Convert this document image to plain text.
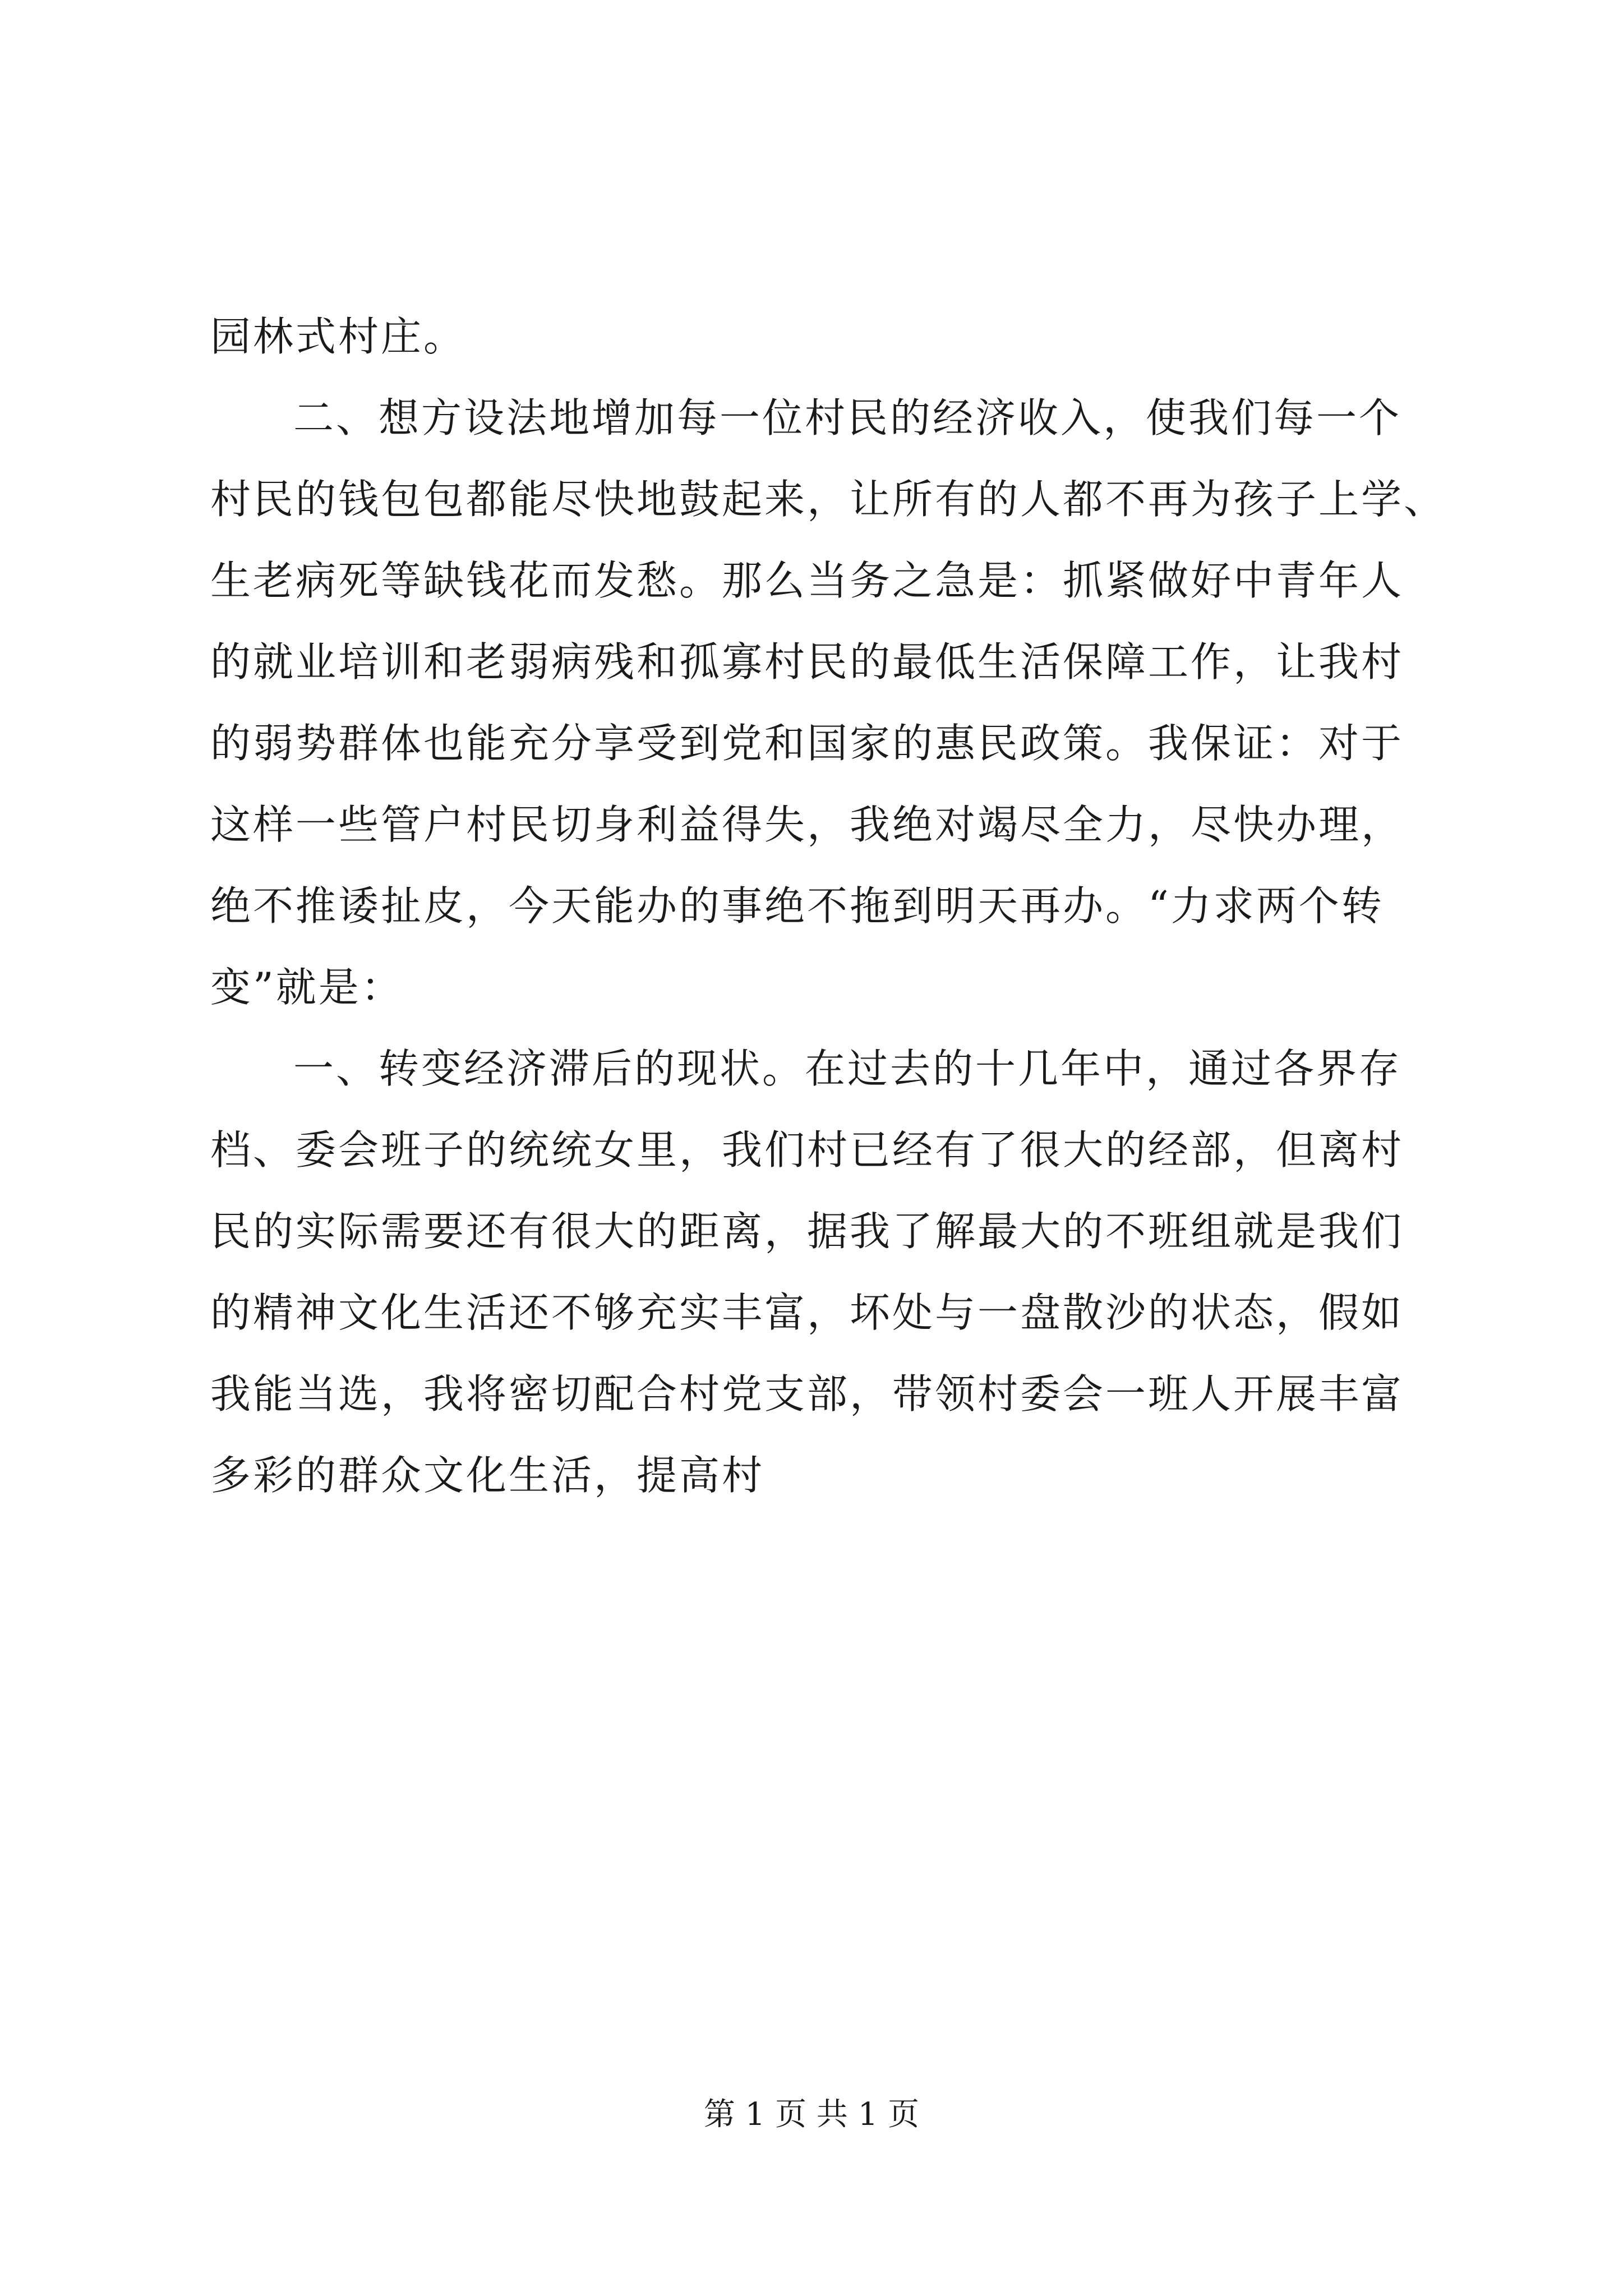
园林式村庄。
二、想方设法地增加每一位村民的经济收入，使我们每一个
村民的钱包包都能尽快地鼓起来，让所有的人都不再为孩子上学、
生老病死等缺钱花而发愁。那么当务之急是：抓紧做好中青年人
的就业培训和老弱病残和孤寡村民的最低生活保障工作，让我村
的弱势群体也能充分享受到党和国家的惠民政策。我保证：对于
这样一些管户村民切身利益得失，我绝对竭尽全力，尽快办理，
绝不推诿扯皮，今天能办的事绝不拖到明天再办。“力求两个转
变”就是：
一、转变经济滞后的现状。在过去的十几年中，通过各界存
档、委会班子的统统女里，我们村已经有了很大的经部，但离村
民的实际需要还有很大的距离，据我了解最大的不班组就是我们
的精神文化生活还不够充实丰富，坏处与一盘散沙的状态，假如
我能当选，我将密切配合村党支部，带领村委会一班人开展丰富
多彩的群众文化生活，提高村
第 1 页 共 1 页
